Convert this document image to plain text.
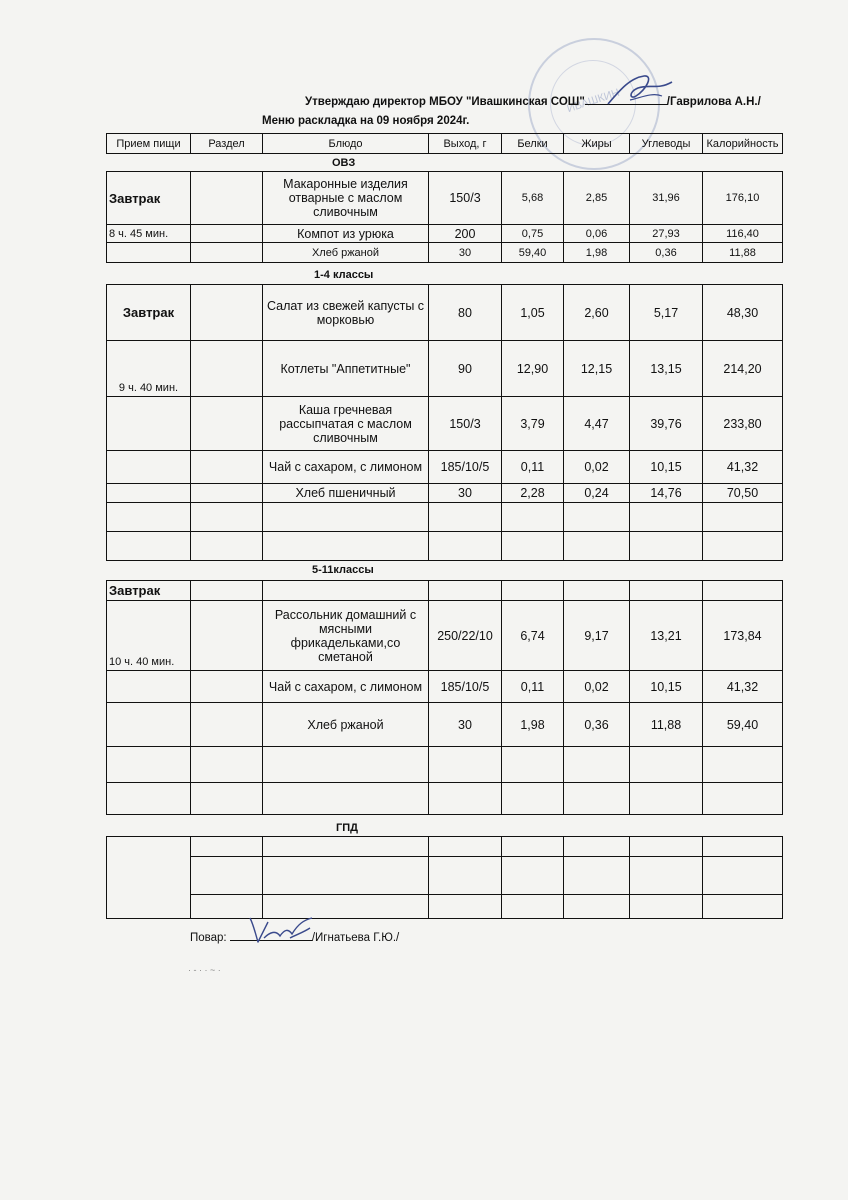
ИВАШКИН
Утверждаю директор МБОУ "Ивашкинская СОШ"	/Гаврилова А.Н./
Меню раскладка на 09 ноября 2024г.
Прием пищи	Раздел	Блюдо	Выход, г	Белки	Жиры	Углеводы	Калорийность
ОВЗ
Завтрак		Макаронные изделия отварные с маслом сливочным	150/3	5,68	2,85	31,96	176,10
8 ч. 45 мин.		Компот из урюка	200	0,75	0,06	27,93	116,40
		Хлеб ржаной	30	59,40	1,98	0,36	11,88
1-4 классы
Завтрак		Салат из свежей капусты с морковью	80	1,05	2,60	5,17	48,30
9 ч. 40 мин.		Котлеты "Аппетитные"	90	12,90	12,15	13,15	214,20
		Каша гречневая рассыпчатая с маслом сливочным	150/3	3,79	4,47	39,76	233,80
		Чай с сахаром, с лимоном	185/10/5	0,11	0,02	10,15	41,32
		Хлеб пшеничный	30	2,28	0,24	14,76	70,50

5-11классы
Завтрак							
10 ч. 40 мин.		Рассольник домашний с мясными фрикадельками,со сметаной	250/22/10	6,74	9,17	13,21	173,84
		Чай с сахаром, с лимоном	185/10/5	0,11	0,02	10,15	41,32
		Хлеб ржаной	30	1,98	0,36	11,88	59,40

ГПД

Повар:	/Игнатьева Г.Ю./
· - · · ~ ·
